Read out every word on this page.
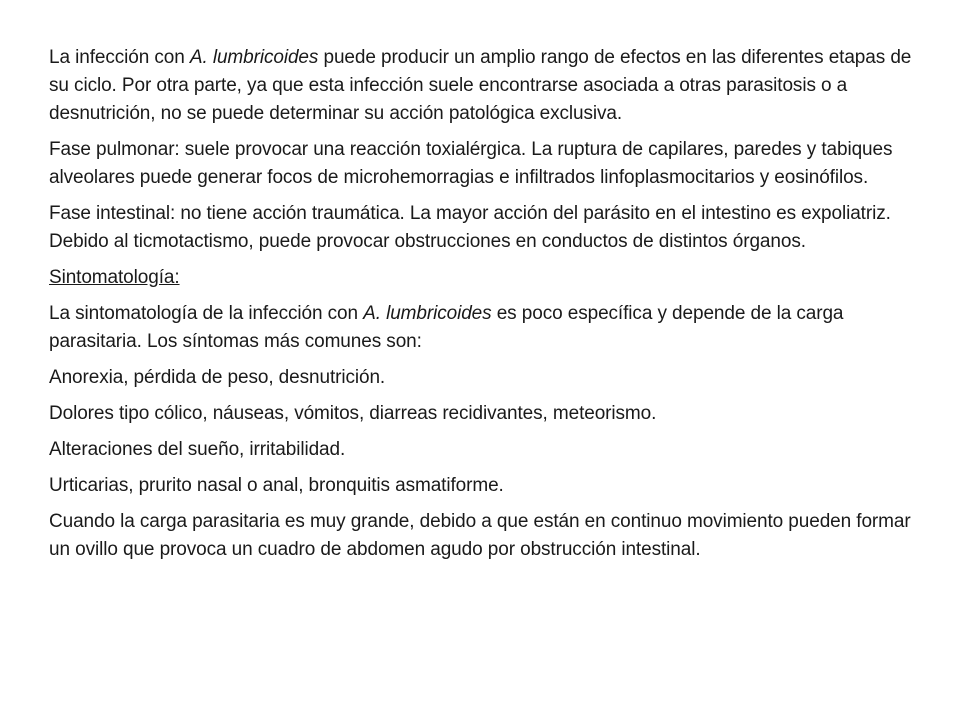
La infección con A. lumbricoides puede producir un amplio rango de efectos en las diferentes etapas de su ciclo. Por otra parte, ya que esta infección suele encontrarse asociada a otras parasitosis o a desnutrición, no se puede determinar su acción patológica exclusiva.

Fase pulmonar: suele provocar una reacción toxialérgica. La ruptura de capilares, paredes y tabiques alveolares puede generar focos de microhemorragias e infiltrados linfoplasmocitarios y eosinófilos.

Fase intestinal: no tiene acción traumática. La mayor acción del parásito en el intestino es expoliatriz. Debido al ticmotactismo, puede provocar obstrucciones en conductos de distintos órganos.

Sintomatología:

La sintomatología de la infección con A. lumbricoides es poco específica y depende de la carga parasitaria. Los síntomas más comunes son:

Anorexia, pérdida de peso, desnutrición.

Dolores tipo cólico, náuseas, vómitos, diarreas recidivantes, meteorismo.

Alteraciones del sueño, irritabilidad.

Urticarias, prurito nasal o anal, bronquitis asmatiforme.

Cuando la carga parasitaria es muy grande, debido a que están en continuo movimiento pueden formar un ovillo que provoca un cuadro de abdomen agudo por obstrucción intestinal.
